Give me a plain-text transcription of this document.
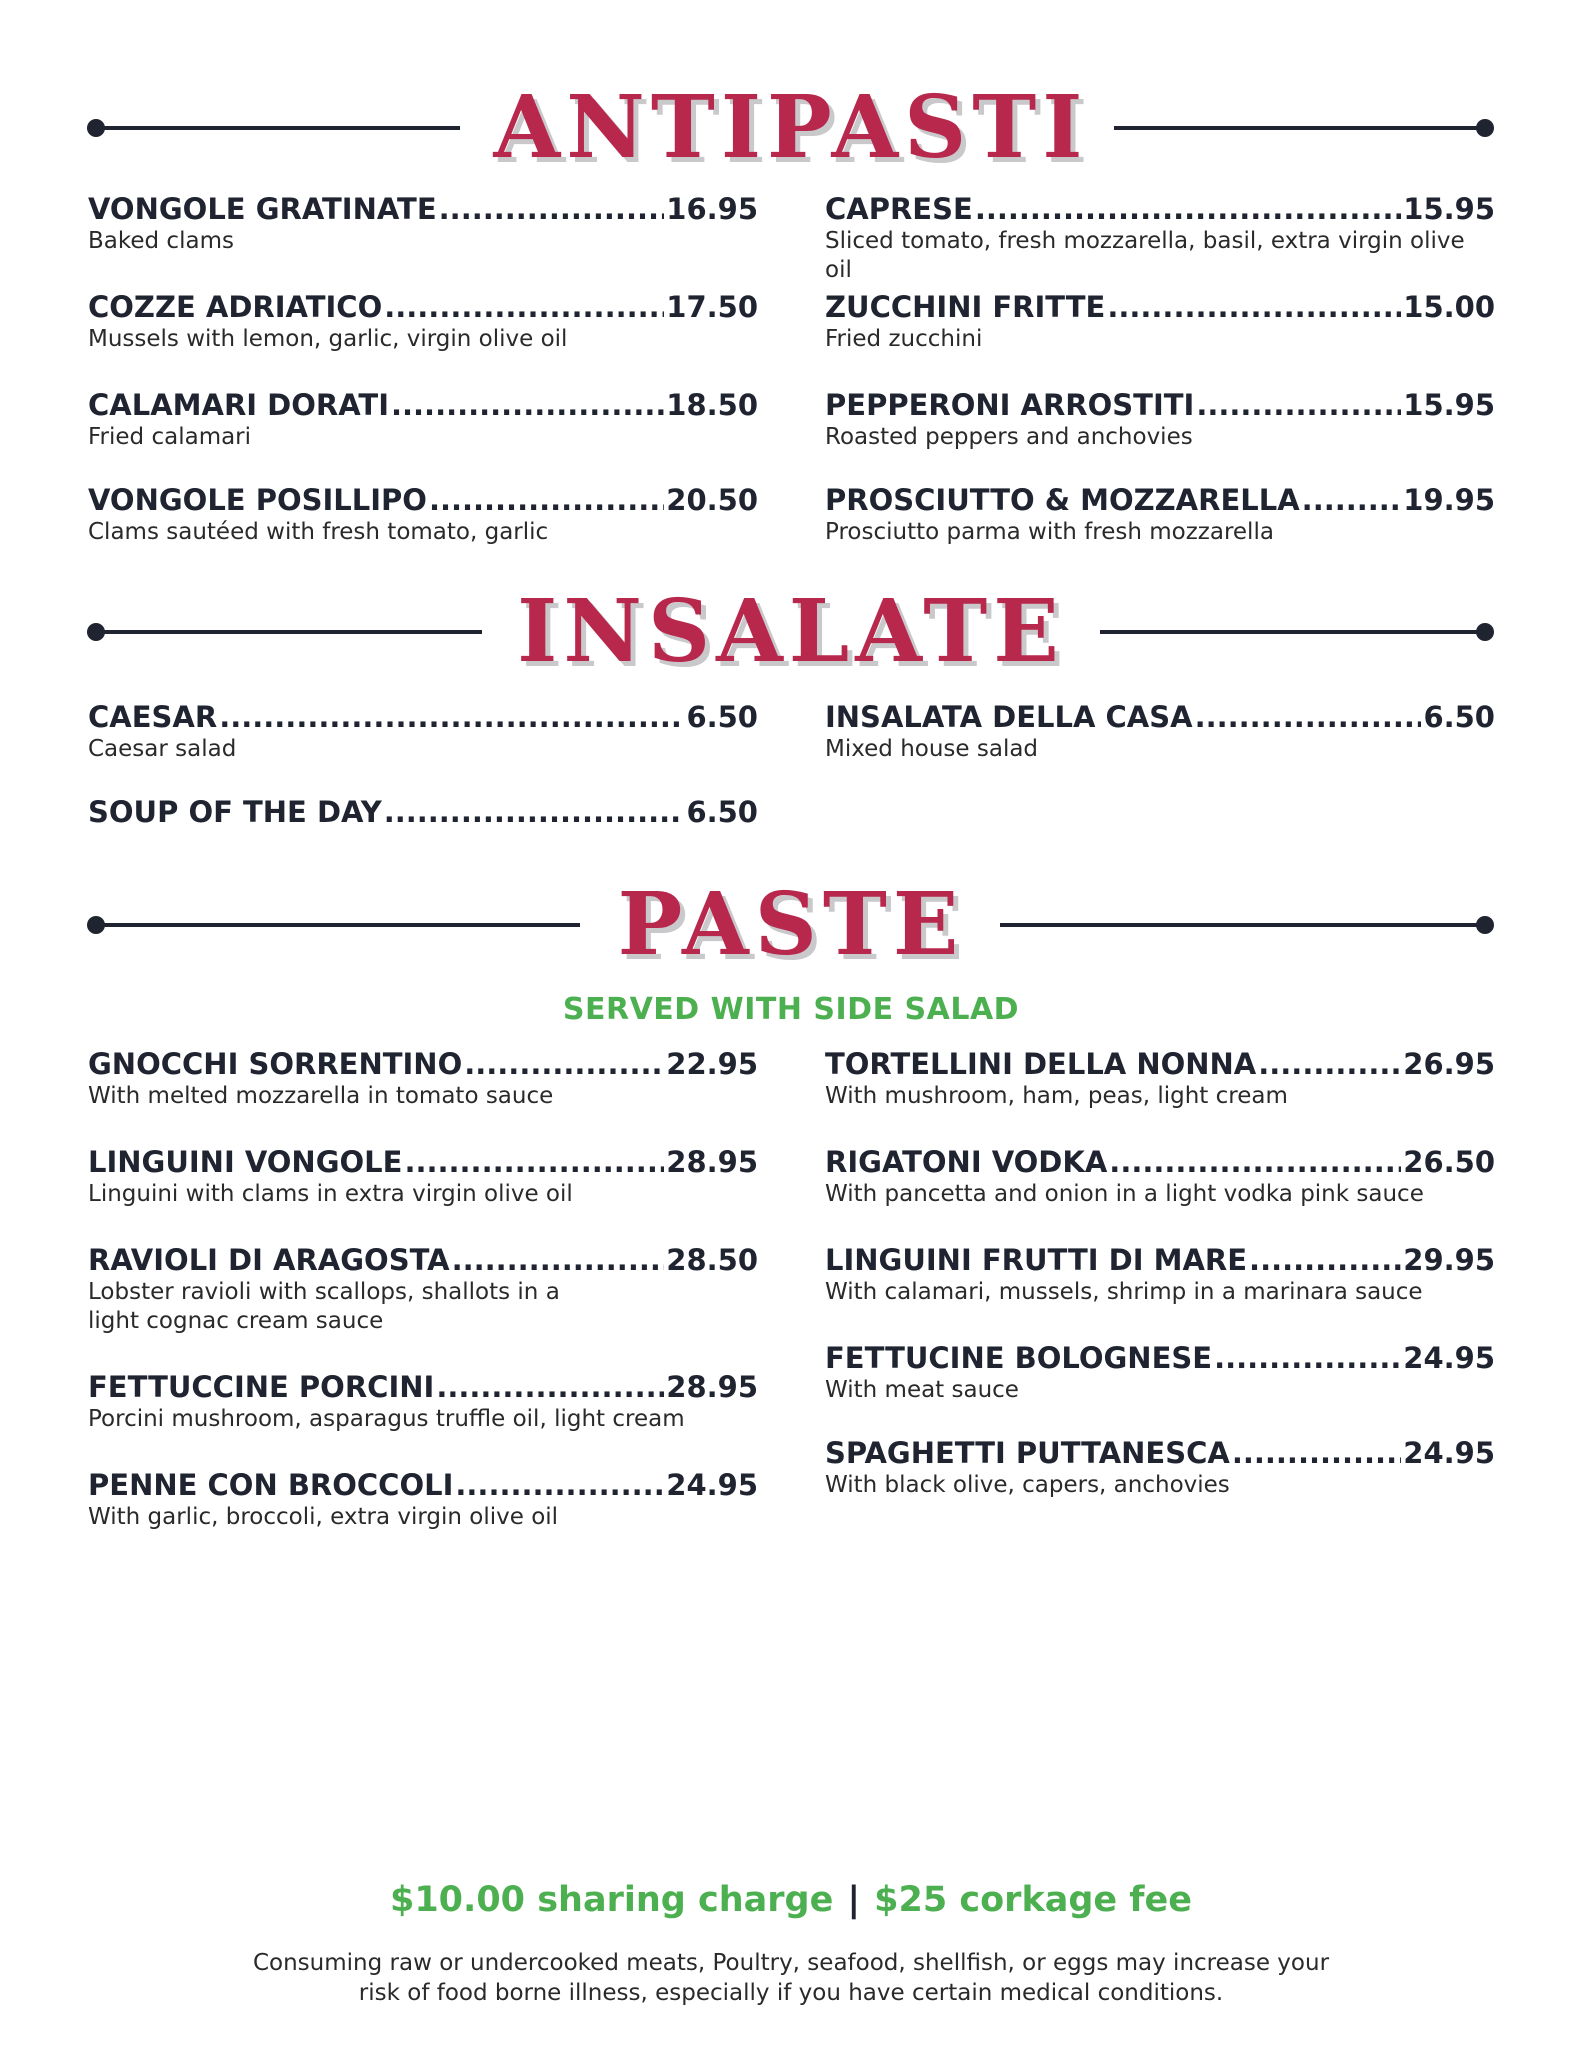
ANTIPASTI
VONGOLE GRATINATE .....	16.95
Baked clams
COZZE ADRIATICO .....	17.50
Mussels with lemon, garlic, virgin olive oil
CALAMARI DORATI .....	18.50
Fried calamari
VONGOLE POSILLIPO .....	20.50
Clams sautéed with fresh tomato, garlic
CAPRESE .....	15.95
Sliced tomato, fresh mozzarella, basil, extra virgin olive oil
ZUCCHINI FRITTE .....	15.00
Fried zucchini
PEPPERONI ARROSTITI .....	15.95
Roasted peppers and anchovies
PROSCIUTTO & MOZZARELLA .....	19.95
Prosciutto parma with fresh mozzarella
INSALATE
CAESAR .....	6.50
Caesar salad
SOUP OF THE DAY .....	6.50
INSALATA DELLA CASA .....	6.50
Mixed house salad
PASTE
SERVED WITH SIDE SALAD
GNOCCHI SORRENTINO .....	22.95
With melted mozzarella in tomato sauce
LINGUINI VONGOLE .....	28.95
Linguini with clams in extra virgin olive oil
RAVIOLI DI ARAGOSTA .....	28.50
Lobster ravioli with scallops, shallots in a light cognac cream sauce
FETTUCCINE PORCINI .....	28.95
Porcini mushroom, asparagus truffle oil, light cream
PENNE CON BROCCOLI .....	24.95
With garlic, broccoli, extra virgin olive oil
TORTELLINI DELLA NONNA .....	26.95
With mushroom, ham, peas, light cream
RIGATONI VODKA .....	26.50
With pancetta and onion in a light vodka pink sauce
LINGUINI FRUTTI DI MARE .....	29.95
With calamari, mussels, shrimp in a marinara sauce
FETTUCINE BOLOGNESE .....	24.95
With meat sauce
SPAGHETTI PUTTANESCA .....	24.95
With black olive, capers, anchovies
$10.00 sharing charge | $25 corkage fee
Consuming raw or undercooked meats, Poultry, seafood, shellfish, or eggs may increase your risk of food borne illness, especially if you have certain medical conditions.
